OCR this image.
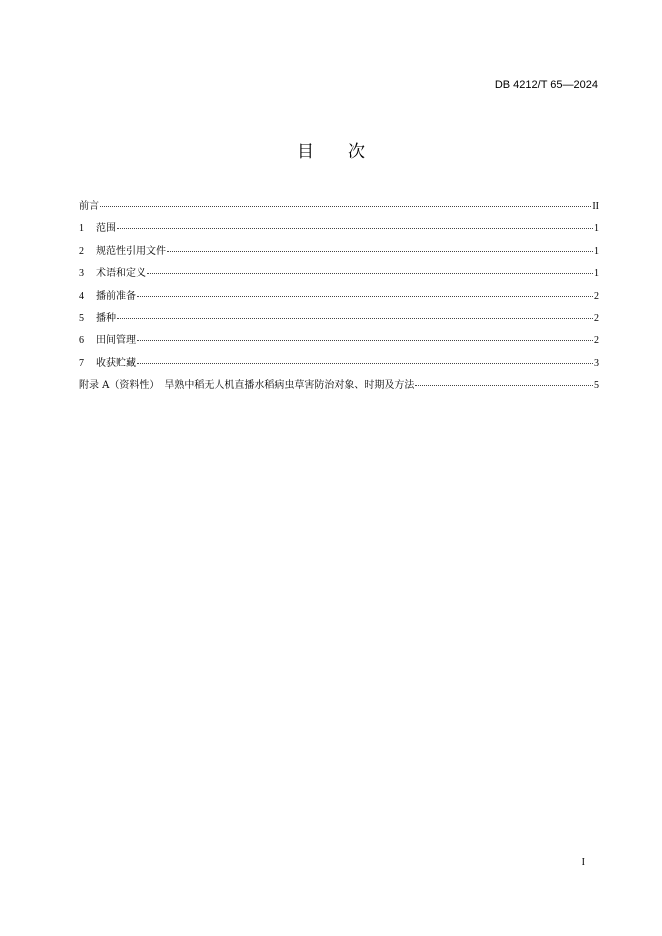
DB 4212/T 65—2024
目 次
前言	II
1	范围	1
2	规范性引用文件	1
3	术语和定义	1
4	播前准备	2
5	播种	2
6	田间管理	2
7	收获贮藏	3
附录 A（资料性）　旱熟中稻无人机直播水稻病虫草害防治对象、时期及方法	5
I
